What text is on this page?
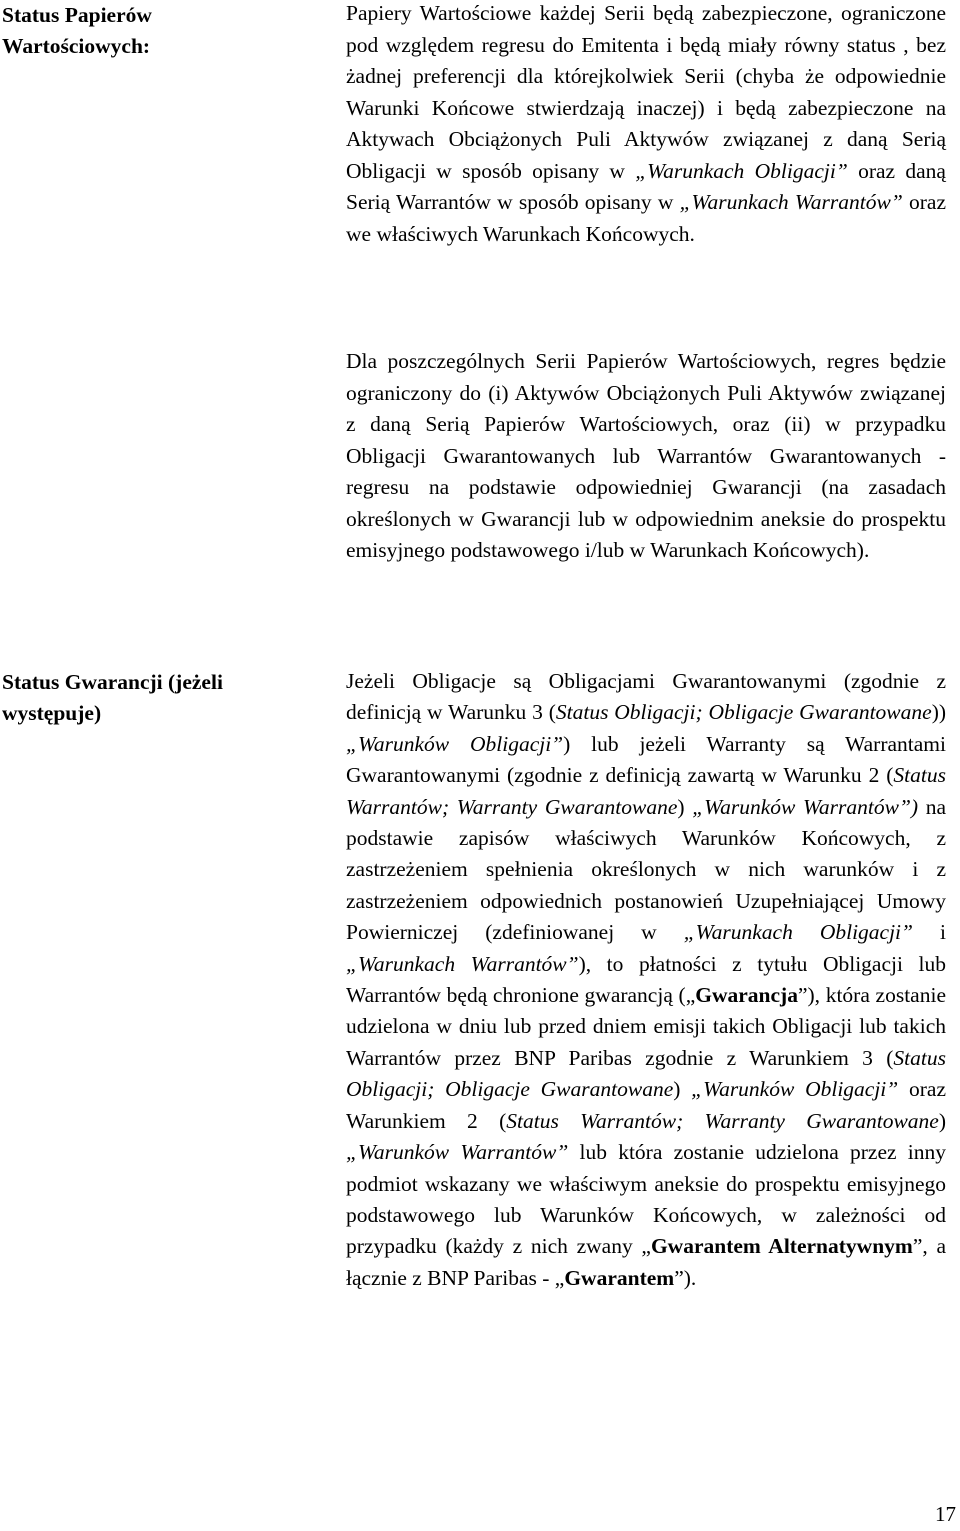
Status Papierów
Wartościowych:
Papiery Wartościowe każdej Serii będą zabezpieczone, ograniczone pod względem regresu do Emitenta i będą miały równy status , bez żadnej preferencji dla którejkolwiek Serii (chyba że odpowiednie Warunki Końcowe stwierdzają inaczej) i będą zabezpieczone na Aktywach Obciążonych Puli Aktywów związanej z daną Serią Obligacji w sposób opisany w „Warunkach Obligacji” oraz daną Serią Warrantów w sposób opisany w „Warunkach Warrantów” oraz we właściwych Warunkach Końcowych.
Dla poszczególnych Serii Papierów Wartościowych, regres będzie ograniczony do (i) Aktywów Obciążonych Puli Aktywów związanej z daną Serią Papierów Wartościowych, oraz (ii) w przypadku Obligacji Gwarantowanych lub Warrantów Gwarantowanych - regresu na podstawie odpowiedniej Gwarancji (na zasadach określonych w Gwarancji lub w odpowiednim aneksie do prospektu emisyjnego podstawowego i/lub w Warunkach Końcowych).
Status Gwarancji (jeżeli
występuje)
Jeżeli Obligacje są Obligacjami Gwarantowanymi (zgodnie z definicją w Warunku 3 (Status Obligacji; Obligacje Gwarantowane)) „Warunków Obligacji”) lub jeżeli Warranty są Warrantami Gwarantowanymi (zgodnie z definicją zawartą w Warunku 2 (Status Warrantów; Warranty Gwarantowane) „Warunków Warrantów”) na podstawie zapisów właściwych Warunków Końcowych, z zastrzeżeniem spełnienia określonych w nich warunków i z zastrzeżeniem odpowiednich postanowień Uzupełniającej Umowy Powierniczej (zdefiniowanej w „Warunkach Obligacji” i „Warunkach Warrantów”), to płatności z tytułu Obligacji lub Warrantów będą chronione gwarancją („Gwarancja”), która zostanie udzielona w dniu lub przed dniem emisji takich Obligacji lub takich Warrantów przez BNP Paribas zgodnie z Warunkiem 3 (Status Obligacji; Obligacje Gwarantowane) „Warunków Obligacji” oraz Warunkiem 2 (Status Warrantów; Warranty Gwarantowane) „Warunków Warrantów” lub która zostanie udzielona przez inny podmiot wskazany we właściwym aneksie do prospektu emisyjnego podstawowego lub Warunków Końcowych, w zależności od przypadku (każdy z nich zwany „Gwarantem Alternatywnym”, a łącznie z BNP Paribas - „Gwarantem”).
17
